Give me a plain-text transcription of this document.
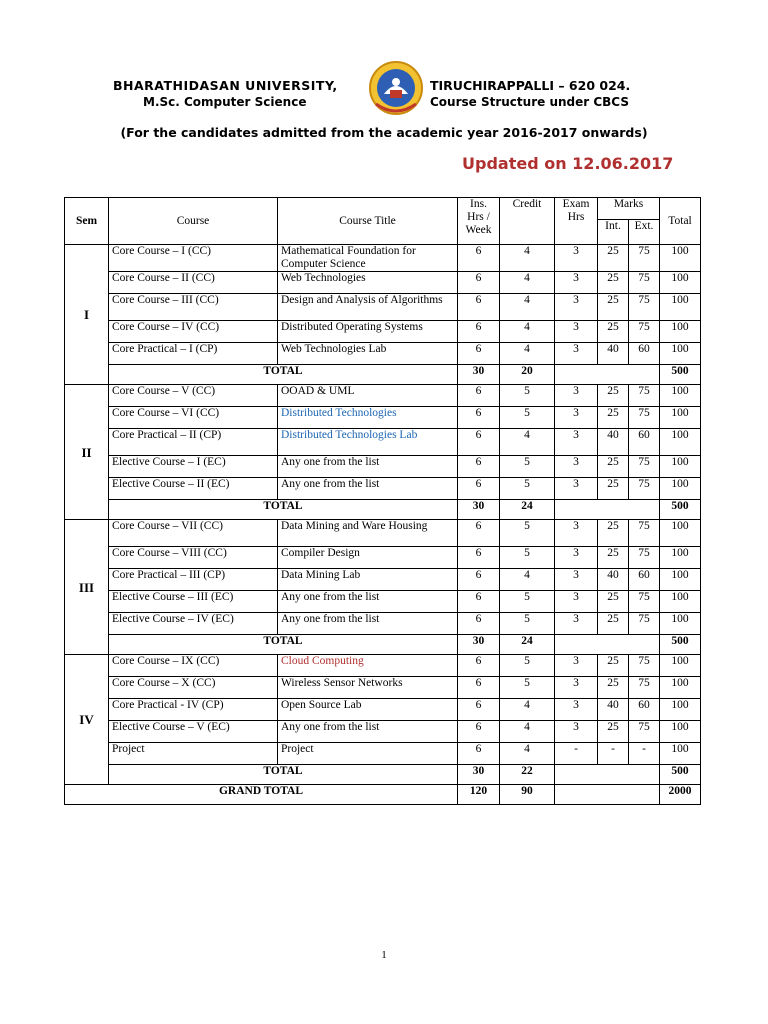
BHARATHIDASAN UNIVERSITY,
M.Sc. Computer Science
TIRUCHIRAPPALLI – 620 024.
Course Structure under CBCS
(For the candidates admitted from the academic year 2016-2017 onwards)
Updated on 12.06.2017
Sem	Course	Course Title	Ins. Hrs / Week	Credit	Exam Hrs	Marks		Total
						Int.	Ext.	
I	Core Course – I (CC)	Mathematical Foundation for Computer Science	6	4	3	25	75	100
	Core Course – II (CC)	Web Technologies	6	4	3	25	75	100
	Core Course – III (CC)	Design and Analysis of Algorithms	6	4	3	25	75	100
	Core Course – IV (CC)	Distributed Operating Systems	6	4	3	25	75	100
	Core Practical – I (CP)	Web Technologies Lab	6	4	3	40	60	100
	TOTAL		30	20				500

II	Core Course – V (CC)	OOAD & UML	6	5	3	25	75	100
	Core Course – VI (CC)	Distributed Technologies	6	5	3	25	75	100
	Core Practical – II (CP)	Distributed Technologies Lab	6	4	3	40	60	100
	Elective Course – I (EC)	Any one from the list	6	5	3	25	75	100
	Elective Course – II (EC)	Any one from the list	6	5	3	25	75	100
	TOTAL		30	24				500

III	Core Course – VII (CC)	Data Mining and Ware Housing	6	5	3	25	75	100
	Core Course – VIII (CC)	Compiler Design	6	5	3	25	75	100
	Core Practical – III (CP)	Data Mining Lab	6	4	3	40	60	100
	Elective Course – III (EC)	Any one from the list	6	5	3	25	75	100
	Elective Course – IV (EC)	Any one from the list	6	5	3	25	75	100
	TOTAL		30	24				500

IV	Core Course – IX (CC)	Cloud Computing	6	5	3	25	75	100
	Core Course – X (CC)	Wireless Sensor Networks	6	5	3	25	75	100
	Core Practical - IV (CP)	Open Source Lab	6	4	3	40	60	100
	Elective Course – V (EC)	Any one from the list	6	4	3	25	75	100
	Project	Project	6	4	-	-	-	100
	TOTAL		30	22				500

GRAND TOTAL			120	90				2000
1
